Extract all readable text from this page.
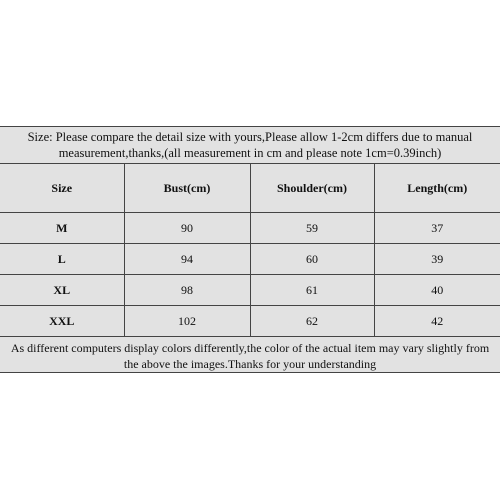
Size: Please compare the detail size with yours,Please allow 1-2cm differs due to manual measurement,thanks,(all measurement in cm and please note 1cm=0.39inch)
Size	Bust(cm)	Shoulder(cm)	Length(cm)
M	90	59	37
L	94	60	39
XL	98	61	40
XXL	102	62	42
As different computers display colors differently,the color of the actual item may vary slightly from the above the images.Thanks for your understanding
